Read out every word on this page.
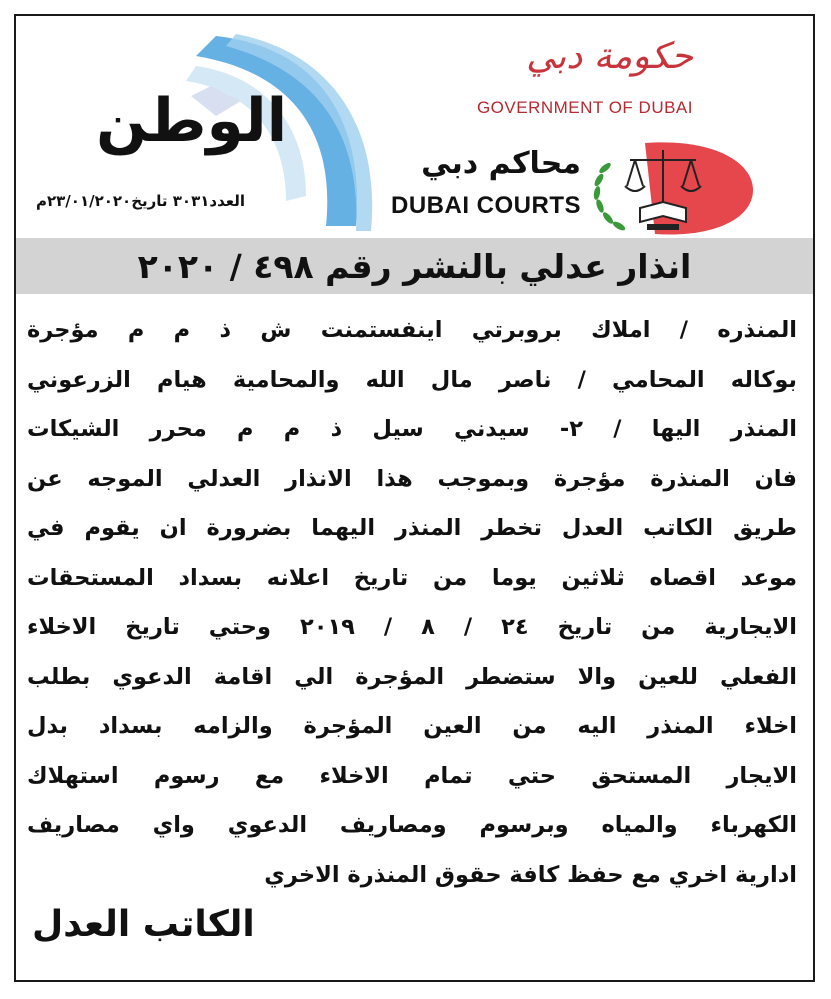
الوطن
العدد٣٠٣١ تاريخ٢٣/٠١/٢٠٢٠م
حكومة دبي
GOVERNMENT OF DUBAI
محاكم دبي
DUBAI COURTS
انذار عدلي بالنشر رقم ٤٩٨ / ٢٠٢٠
المنذره / املاك بروبرتي اينفستمنت ش ذ م م مؤجرة
بوكاله المحامي / ناصر مال الله والمحامية هيام الزرعوني
المنذر اليها / ٢- سيدني سيل ذ م م محرر الشيكات
فان المنذرة مؤجرة وبموجب هذا الانذار العدلي الموجه عن
طريق الكاتب العدل تخطر المنذر اليهما بضرورة ان يقوم في
موعد اقصاه ثلاثين يوما من تاريخ اعلانه بسداد المستحقات
الايجارية من تاريخ ٢٤ / ٨ / ٢٠١٩ وحتي تاريخ الاخلاء
الفعلي للعين والا ستضطر المؤجرة الي اقامة الدعوي بطلب
اخلاء المنذر اليه من العين المؤجرة والزامه بسداد بدل
الايجار المستحق حتي تمام الاخلاء مع رسوم استهلاك
الكهرباء والمياه وبرسوم ومصاريف الدعوي واي مصاريف
ادارية اخري مع حفظ كافة حقوق المنذرة الاخري
الكاتب العدل
